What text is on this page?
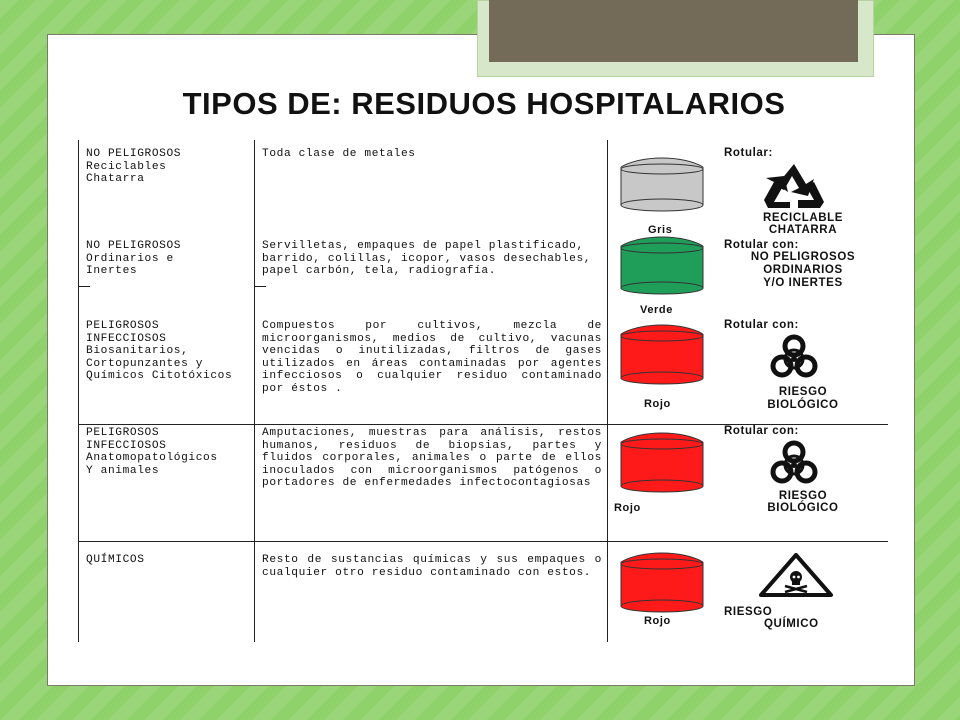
TIPOS DE: RESIDUOS HOSPITALARIOS
NO PELIGROSOS
Reciclables
Chatarra
Toda clase de metales
Gris
Rotular:
RECICLABLE
CHATARRA
NO PELIGROSOS
Ordinarios e
Inertes
Servilletas, empaques de papel plastificado,
barrido, colillas, icopor, vasos desechables,
papel carbón, tela, radiografía.
Verde
Rotular con:
NO PELIGROSOS
ORDINARIOS
Y/O INERTES
PELIGROSOS
INFECCIOSOS
Biosanitarios,
Cortopunzantes y
Químicos Citotóxicos
Compuestos por cultivos, mezcla de microorganismos, medios de cultivo, vacunas vencidas o inutilizadas, filtros de gases utilizados en áreas contaminadas por agentes infecciosos o cualquier residuo contaminado por éstos .
Rojo
Rotular con:
RIESGO
BIOLÓGICO
PELIGROSOS
INFECCIOSOS
Anatomopatológicos
Y animales
Amputaciones, muestras para análisis, restos humanos, residuos de biopsias, partes y fluidos corporales, animales o parte de ellos inoculados con microorganismos patógenos o portadores de enfermedades infectocontagiosas
Rojo
Rotular con:
RIESGO
BIOLÓGICO
QUÍMICOS	Resto de sustancias químicas y sus empaques o cualquier otro residuo contaminado con estos.
Rojo
RIESGO
QUÍMICO
